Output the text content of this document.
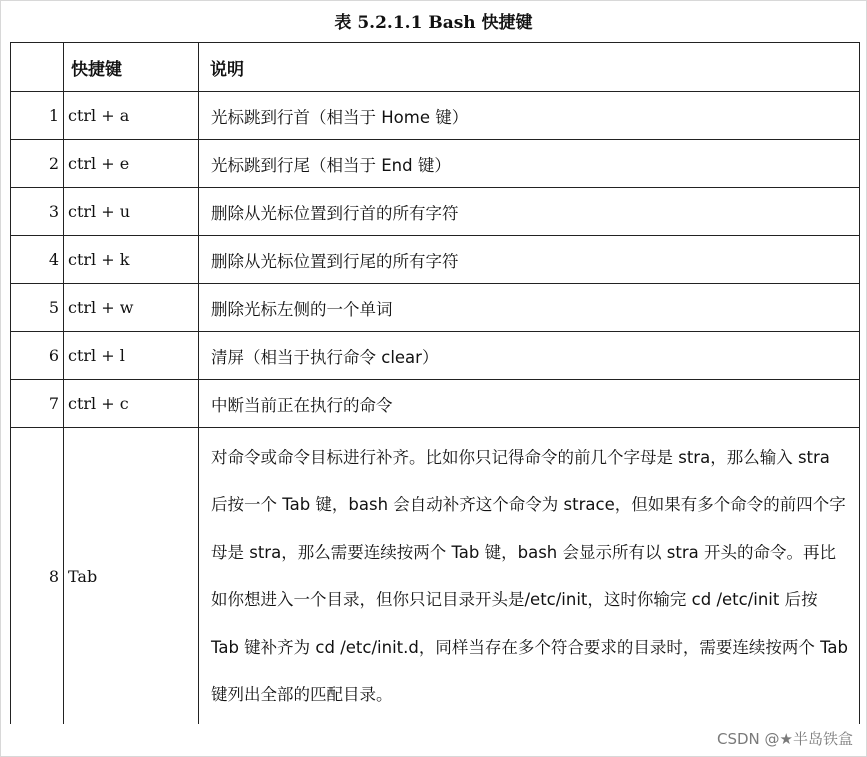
表 5.2.1.1 Bash 快捷键
	快捷键	说明
1	ctrl + a	光标跳到行首（相当于 Home 键）
2	ctrl + e	光标跳到行尾（相当于 End 键）
3	ctrl + u	删除从光标位置到行首的所有字符
4	ctrl + k	删除从光标位置到行尾的所有字符
5	ctrl + w	删除光标左侧的一个单词
6	ctrl + l	清屏（相当于执行命令 clear）
7	ctrl + c	中断当前正在执行的命令
8	Tab	对命令或命令目标进行补齐。比如你只记得命令的前几个字母是 stra，那么输入 stra 后按一个 Tab 键，bash 会自动补齐这个命令为 strace，但如果有多个命令的前四个字母是 stra，那么需要连续按两个 Tab 键，bash 会显示所有以 stra 开头的命令。再比如你想进入一个目录，但你只记目录开头是/etc/init，这时你输完 cd /etc/init 后按 Tab 键补齐为 cd /etc/init.d，同样当存在多个符合要求的目录时，需要连续按两个 Tab 键列出全部的匹配目录。
CSDN @★半岛铁盒
